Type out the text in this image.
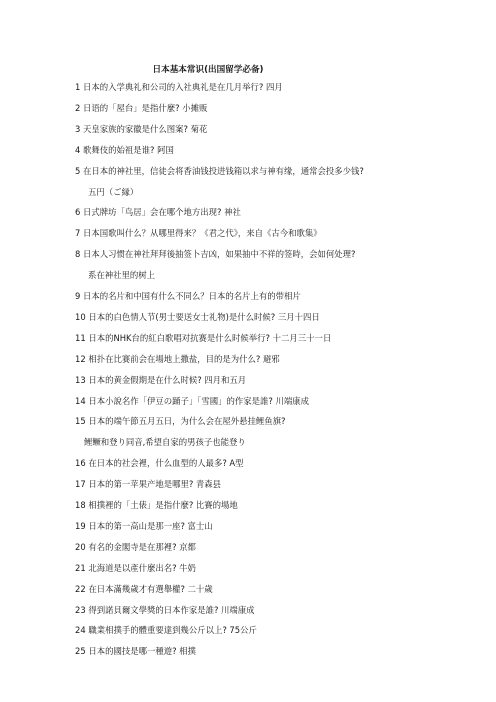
日本基本常识(出国留学必备)
1 日本的入学典礼和公司的入社典礼是在几月举行? 四月
2 日语的「屋台」是指什麼? 小摊贩
3 天皇家族的家徽是什么图案? 菊花
4 歌舞伎的始祖是谁? 阿国
5 在日本的神社里，信徒会将香油钱投进钱箱以求与神有缘，通常会投多少钱?
五円（ご縁）
6 日式牌坊「鸟居」会在哪个地方出现? 神社
7 日本国歌叫什么？从哪里得来？《君之代》，来自《古今和歌集》
8 日本人习惯在神社拜拜後抽签卜吉凶，如果抽中不祥的签時，会如何处理?
系在神社里的树上
9 日本的名片和中国有什么不同么？日本的名片上有的带相片
10 日本的白色情人节(男士要送女士礼物)是什么时候? 三月十四日
11 日本的NHK台的紅白歌唱对抗赛是什么时候举行? 十二月三十一日
12 相扑在比赛前会在場地上撒盐，目的是为什么? 避邪
13 日本的黄金假期是在什么时候? 四月和五月
14 日本小說名作「伊豆の踊子」「雪國」的作家是誰? 川端康成
15 日本的端午節五月五日，为什么会在屋外悬挂鲤鱼旗?
鲤鳜和登り同音,希望自家的男孩子也能登り
16 在日本的社会裡，什么血型的人最多? A型
17 日本的第一苹果产地是哪里? 青森县
18 相撲裡的「土俵」是指什麼? 比賽的場地
19 日本的第一高山是那一座? 富士山
20 有名的金閣寺是在那裡? 京都
21 北海道是以產什麼出名? 牛奶
22 在日本滿幾歲才有選舉權? 二十歲
23 得到諾貝爾文學獎的日本作家是誰? 川端康成
24 職業相撲手的體重要達到幾公斤以上? 75公斤
25 日本的國技是哪一種遊? 相撲
